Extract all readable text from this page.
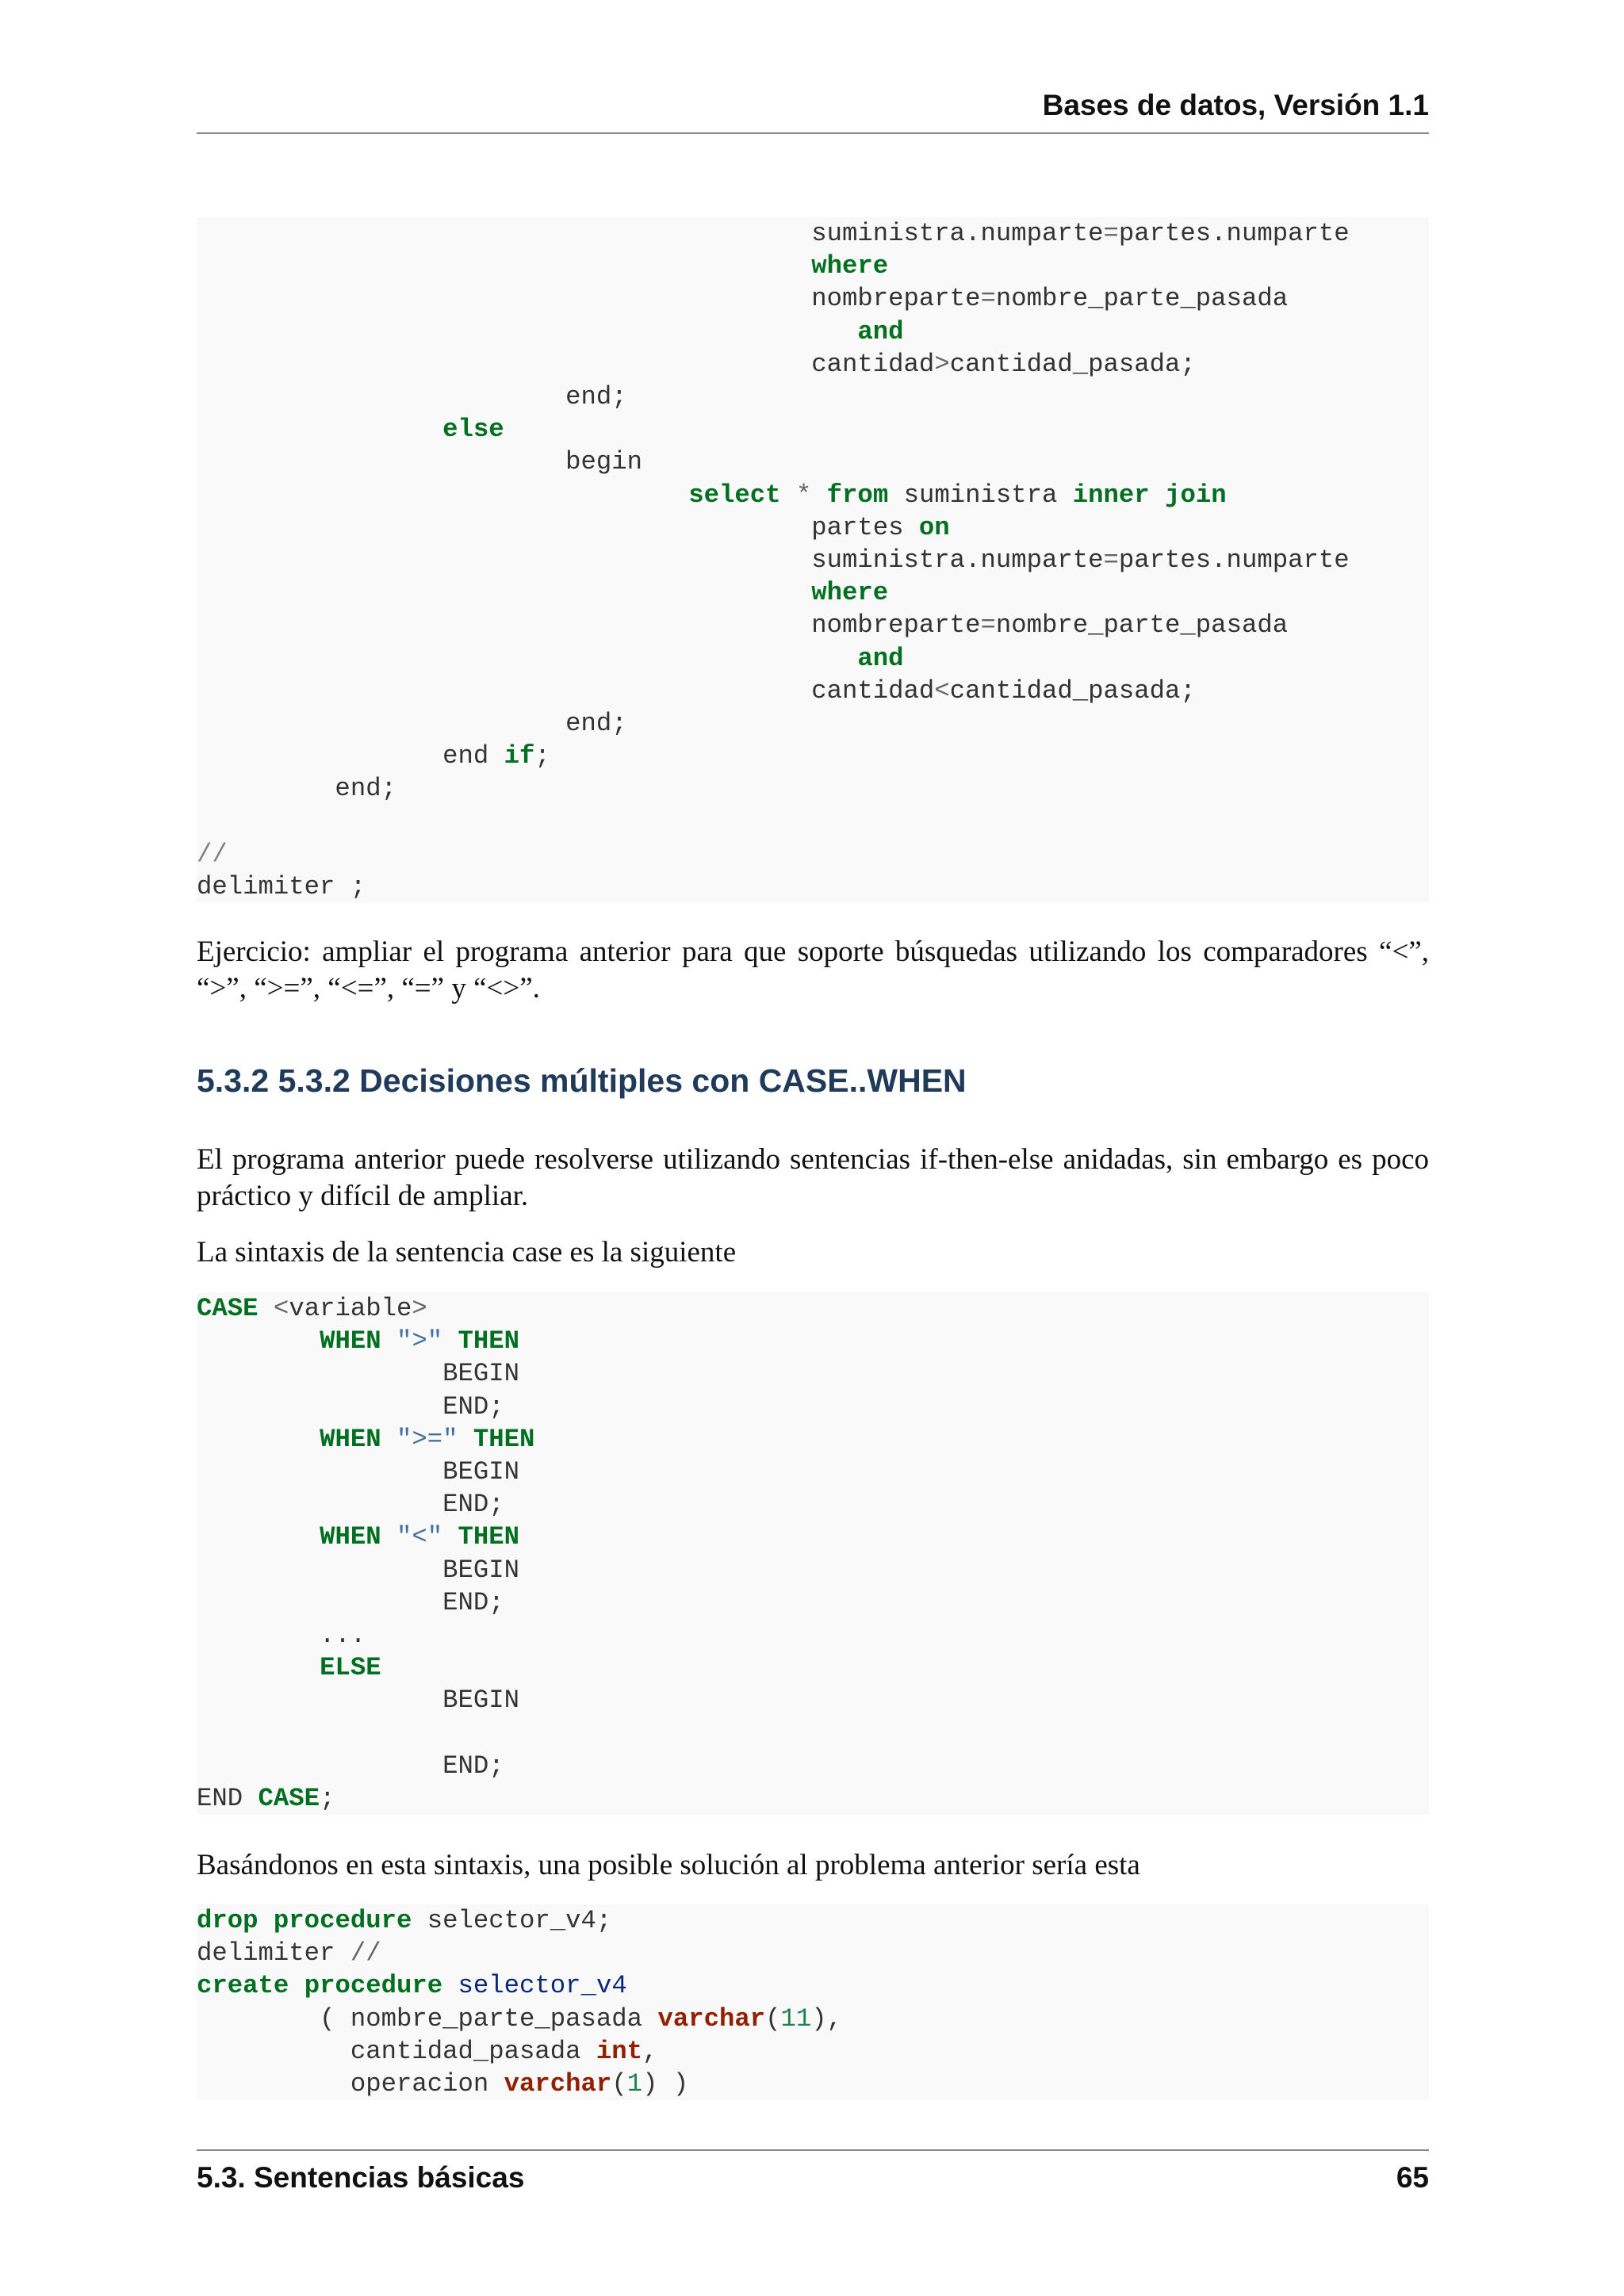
Bases de datos, Versión 1.1
suministra.numparte=partes.numparte
where
nombreparte=nombre_parte_pasada
and
cantidad>cantidad_pasada;
end;
else
begin
select * from suministra inner join
partes on
suministra.numparte=partes.numparte
where
nombreparte=nombre_parte_pasada
and
cantidad<cantidad_pasada;
end;
end if;
end;

//
delimiter ;

Ejercicio: ampliar el programa anterior para que soporte búsquedas utilizando los comparadores “<”, “>”, “>=”, “<=”, “=” y “<>”.

5.3.2 5.3.2 Decisiones múltiples con CASE..WHEN

El programa anterior puede resolverse utilizando sentencias if-then-else anidadas, sin embargo es poco práctico y difícil de ampliar.

La sintaxis de la sentencia case es la siguiente

CASE <variable>
WHEN ">" THEN
BEGIN
END;
WHEN ">=" THEN
BEGIN
END;
WHEN "<" THEN
BEGIN
END;
...
ELSE
BEGIN

END;
END CASE;

Basándonos en esta sintaxis, una posible solución al problema anterior sería esta

drop procedure selector_v4;
delimiter //
create procedure selector_v4
( nombre_parte_pasada varchar(11),
cantidad_pasada int,
operacion varchar(1) )
5.3. Sentencias básicas	65
